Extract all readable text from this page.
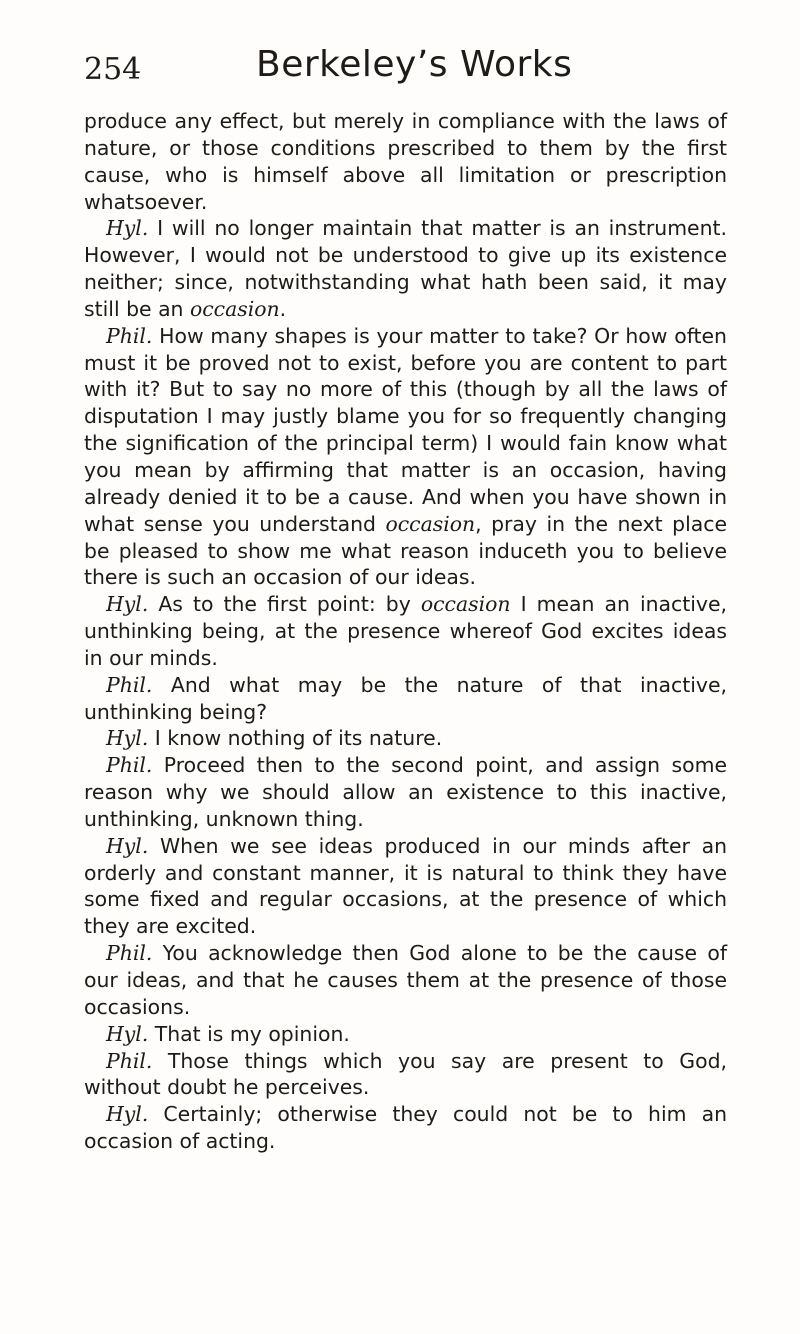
254	Berkeley’s Works

produce any effect, but merely in compliance with the laws of nature, or those conditions prescribed to them by the first cause, who is himself above all limitation or prescription whatsoever.

Hyl. I will no longer maintain that matter is an instrument. However, I would not be understood to give up its existence neither; since, notwithstanding what hath been said, it may still be an occasion.

Phil. How many shapes is your matter to take? Or how often must it be proved not to exist, before you are content to part with it? But to say no more of this (though by all the laws of disputation I may justly blame you for so frequently changing the signification of the principal term) I would fain know what you mean by affirming that matter is an occasion, having already denied it to be a cause. And when you have shown in what sense you understand occasion, pray in the next place be pleased to show me what reason induceth you to believe there is such an occasion of our ideas.

Hyl. As to the first point: by occasion I mean an inactive, unthinking being, at the presence whereof God excites ideas in our minds.

Phil. And what may be the nature of that inactive, unthinking being?

Hyl. I know nothing of its nature.

Phil. Proceed then to the second point, and assign some reason why we should allow an existence to this inactive, unthinking, unknown thing.

Hyl. When we see ideas produced in our minds after an orderly and constant manner, it is natural to think they have some fixed and regular occasions, at the presence of which they are excited.

Phil. You acknowledge then God alone to be the cause of our ideas, and that he causes them at the presence of those occasions.

Hyl. That is my opinion.

Phil. Those things which you say are present to God, without doubt he perceives.

Hyl. Certainly; otherwise they could not be to him an occasion of acting.
